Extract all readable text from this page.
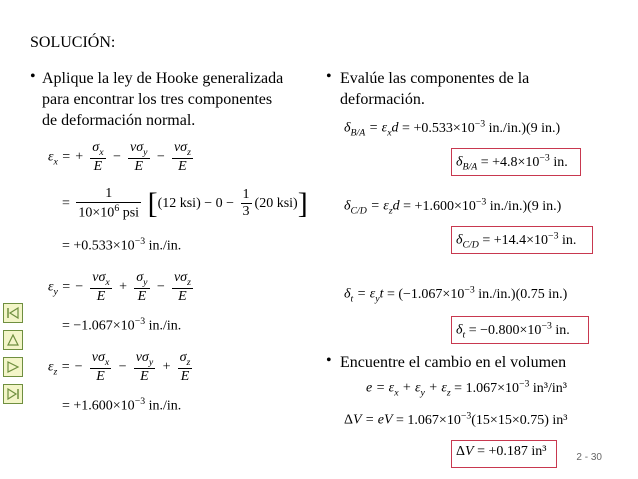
SOLUCIÓN:
• Aplique la ley de Hooke generalizada
para encontrar los tres componentes
de deformación normal.
$\varepsilon_x$ = + $\frac{\sigma_x}{E} - \frac{\nu\sigma_y}{E} - \frac{\nu\sigma_z}{E}$
= $\frac{1}{10\times 10^6 psi} [(12$ $ksi) - 0 - \frac{1}{3} (20$ ksi)]
= $+0.533\times 10^{-3}$ in./in.
$\varepsilon_y$ = − $\frac{\nu\sigma_x}{E} + \frac{\sigma_y}{E} - \frac{\nu\sigma_z}{E}$
= $-1.067\times 10^{-3}$ in./in.
$\varepsilon_z$ = − $\frac{\nu\sigma_x}{E} - \frac{\nu\sigma_y}{E} + \frac{\sigma_z}{E}$
= $+1.600\times 10^{-3}$ in./in.
• Evalúe las componentes de la
deformación.
$\delta_{B/A} = \varepsilon_xd = +0.533\times 10^{-3}$ in./in.)(9 in.)
$\delta_{B/A} = +4.8\times 10^{-3}$ in.
$\delta_{C/D} = \varepsilon_zd = +1.600\times 10^{-3}$ in./in.)(9 in.)
$\delta_{C/D} = +14.4\times 10^{-3}$ in.
$\delta_t = \varepsilon_yt = (-1.067\times 10^{-3}$ in./in.)(0.75 in.)
$\delta_t = -0.800\times 10^{-3}$ in.
• Encuentre el cambio en el volumen
$e = \varepsilon_x + \varepsilon_y + \varepsilon_z = 1.067\times 10^{-3}$ in³/in³
ΔV = eV = $1.067\times 10^{-3}(15\times 15\times 0.75)$ in³
ΔV = +0.187 in³	2 - 30
